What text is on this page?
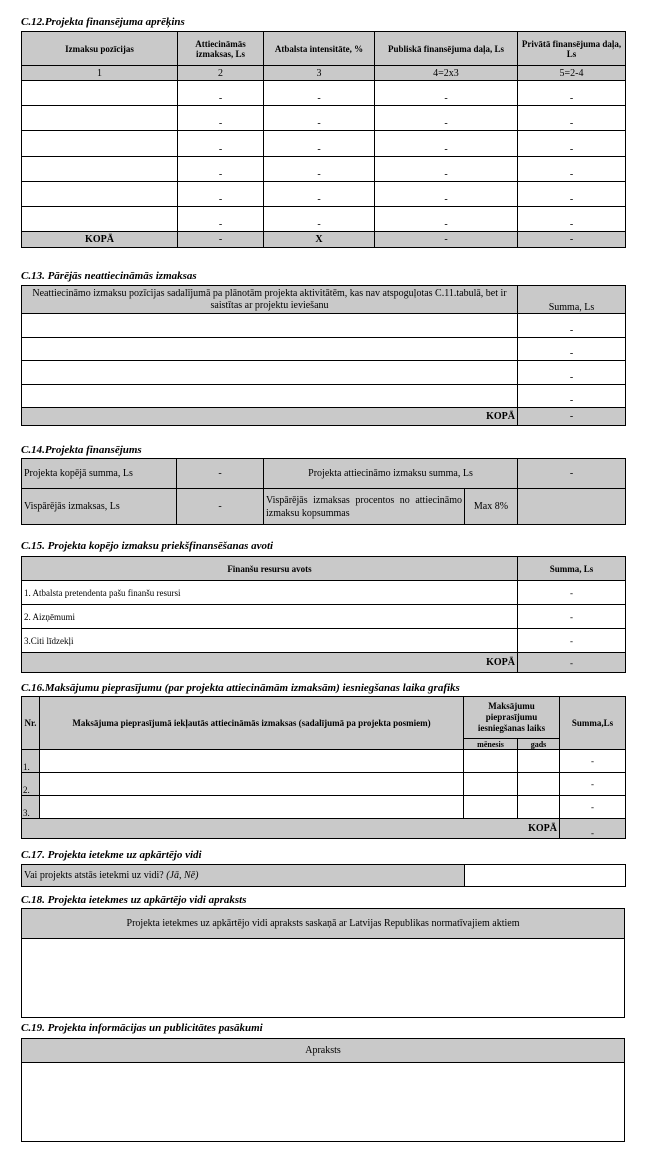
C.12.Projekta finansējuma aprēķins
Izmaksu pozīcijas	Attiecināmās izmaksas, Ls	Atbalsta intensitāte, %	Publiskā finansējuma daļa, Ls	Privātā finansējuma daļa, Ls
1	2	3	4=2x3	5=2-4
	-	-	-	-
	-	-	-	-
	-	-	-	-
	-	-	-	-
	-	-	-	-
	-	-	-	-
KOPĀ	-	X	-	-
C.13. Pārējās neattiecināmās izmaksas
Neattiecināmo izmaksu pozīcijas sadalījumā pa plānotām projekta aktivitātēm, kas nav atspoguļotas C.11.tabulā, bet ir saistītas ar projektu ieviešanu	Summa, Ls
	-
	-
	-
	-
KOPĀ	-
C.14.Projekta finansējums
Projekta kopējā summa, Ls	-	Projekta attiecināmo izmaksu summa, Ls		-
Vispārējās izmaksas, Ls	-	Vispārējās izmaksas procentos no attiecināmo izmaksu kopsummas	Max 8%	
C.15. Projekta kopējo izmaksu priekšfinansēšanas avoti
Finanšu resursu avots	Summa, Ls
1. Atbalsta pretendenta pašu finanšu resursi	-
2. Aizņēmumi	-
3.Citi līdzekļi	-
KOPĀ	-
C.16.Maksājumu pieprasījumu (par projekta attiecināmām izmaksām) iesniegšanas laika grafiks
Nr.	Maksājuma pieprasījumā iekļautās attiecināmās izmaksas (sadalījumā pa projekta posmiem)	Maksājumu pieprasījumu iesniegšanas laiks		Summa,Ls
		mēnesis	gads	
1.				-
2.				-
3.				-
KOPĀ				-
C.17. Projekta ietekme uz apkārtējo vidi
Vai projekts atstās ietekmi uz vidi? (Jā, Nē)	
C.18. Projekta ietekmes uz apkārtējo vidi apraksts
Projekta ietekmes uz apkārtējo vidi apraksts saskaņā ar Latvijas Republikas normatīvajiem aktiem

C.19. Projekta informācijas un publicitātes pasākumi
Apraksts
